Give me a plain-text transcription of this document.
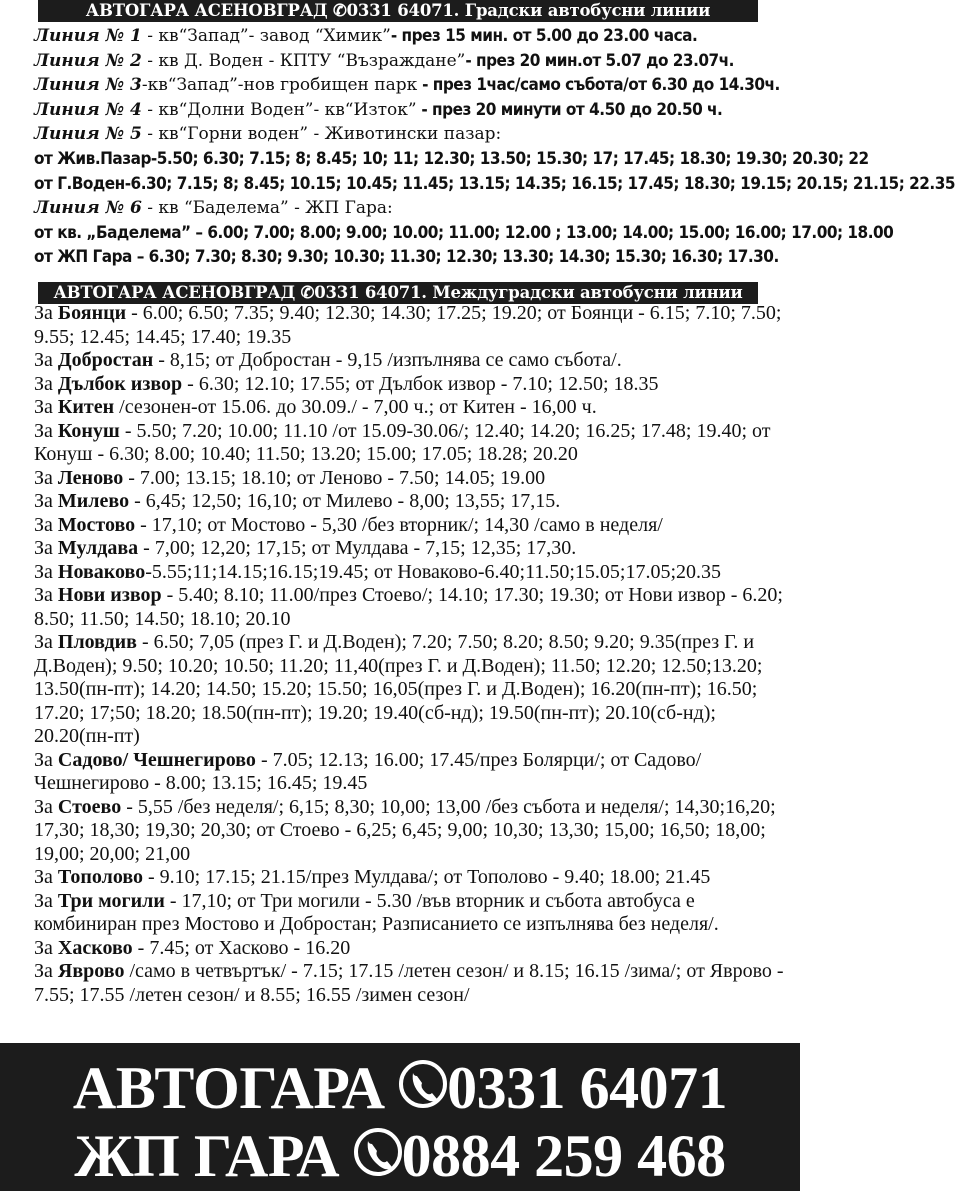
АВТОГАРА АСЕНОВГРАД ✆0331 64071. Градски автобусни линии
Линия № 1 - кв“Запад”- завод “Химик”- през 15 мин. от 5.00 до 23.00 часа.
Линия № 2 - кв Д. Воден - КПТУ “Възраждане”- през 20 мин.от 5.07 до 23.07ч.
Линия № 3-кв“Запад”-нов гробищен парк - през 1час/само събота/от 6.30 до 14.30ч.
Линия № 4 - кв“Долни Воден”- кв“Изток” - през 20 минути от 4.50 до 20.50 ч.
Линия № 5 - кв“Горни воден” - Животински пазар:
от Жив.Пазар-5.50; 6.30; 7.15; 8; 8.45; 10; 11; 12.30; 13.50; 15.30; 17; 17.45; 18.30; 19.30; 20.30; 22
от Г.Воден-6.30; 7.15; 8; 8.45; 10.15; 10.45; 11.45; 13.15; 14.35; 16.15; 17.45; 18.30; 19.15; 20.15; 21.15; 22.35
Линия № 6 - кв “Баделема” - ЖП Гара:
от кв. „Баделема” – 6.00; 7.00; 8.00; 9.00; 10.00; 11.00; 12.00 ; 13.00; 14.00; 15.00; 16.00; 17.00; 18.00
от ЖП Гара – 6.30; 7.30; 8.30; 9.30; 10.30; 11.30; 12.30; 13.30; 14.30; 15.30; 16.30; 17.30.
АВТОГАРА АСЕНОВГРАД ✆0331 64071. Междуградски автобусни линии

За Боянци - 6.00; 6.50; 7.35; 9.40; 12.30; 14.30; 17.25; 19.20; от Боянци - 6.15; 7.10; 7.50; 9.55; 12.45; 14.45; 17.40; 19.35

За Добростан - 8,15; от Добростан - 9,15 /изпълнява се само събота/.

За Дълбок извор - 6.30; 12.10; 17.55; от Дълбок извор - 7.10; 12.50; 18.35

За Китен /сезонен-от 15.06. до 30.09./ - 7,00 ч.; от Китен - 16,00 ч.

За Конуш - 5.50; 7.20; 10.00; 11.10 /от 15.09-30.06/; 12.40; 14.20; 16.25; 17.48; 19.40; от Конуш - 6.30; 8.00; 10.40; 11.50; 13.20; 15.00; 17.05; 18.28; 20.20

За Леново - 7.00; 13.15; 18.10; от Леново - 7.50; 14.05; 19.00

За Милево - 6,45; 12,50; 16,10; от Милево - 8,00; 13,55; 17,15.

За Мостово - 17,10; от Мостово - 5,30 /без вторник/; 14,30 /само в неделя/

За Мулдава - 7,00; 12,20; 17,15; от Мулдава - 7,15; 12,35; 17,30.

За Новаково-5.55;11;14.15;16.15;19.45; от Новаково-6.40;11.50;15.05;17.05;20.35

За Нови извор - 5.40; 8.10; 11.00/през Стоево/; 14.10; 17.30; 19.30; от Нови извор - 6.20; 8.50; 11.50; 14.50; 18.10; 20.10

За Пловдив - 6.50; 7,05 (през Г. и Д.Воден); 7.20; 7.50; 8.20; 8.50; 9.20; 9.35(през Г. и Д.Воден); 9.50; 10.20; 10.50; 11.20; 11,40(през Г. и Д.Воден); 11.50; 12.20; 12.50;13.20; 13.50(пн-пт); 14.20; 14.50; 15.20; 15.50; 16,05(през Г. и Д.Воден); 16.20(пн-пт); 16.50; 17.20; 17;50; 18.20; 18.50(пн-пт); 19.20; 19.40(сб-нд); 19.50(пн-пт); 20.10(сб-нд); 20.20(пн-пт)

За Садово/ Чешнегирово - 7.05; 12.13; 16.00; 17.45/през Болярци/; от Садово/Чешнегирово - 8.00; 13.15; 16.45; 19.45

За Стоево - 5,55 /без неделя/; 6,15; 8,30; 10,00; 13,00 /без събота и неделя/; 14,30;16,20; 17,30; 18,30; 19,30; 20,30; от Стоево - 6,25; 6,45; 9,00; 10,30; 13,30; 15,00; 16,50; 18,00; 19,00; 20,00; 21,00

За Тополово - 9.10; 17.15; 21.15/през Мулдава/; от Тополово - 9.40; 18.00; 21.45

За Три могили - 17,10; от Три могили - 5.30 /във вторник и събота автобуса е комбиниран през Мостово и Добростан; Разписанието се изпълнява без неделя/.

За Хасково - 7.45; от Хасково - 16.20

За Яврово /само в четвъртък/ - 7.15; 17.15 /летен сезон/ и 8.15; 16.15 /зима/; от Яврово - 7.55; 17.55 /летен сезон/ и 8.55; 16.55 /зимен сезон/

АВТОГАРА 0331 64071
ЖП ГАРА 0884 259 468
